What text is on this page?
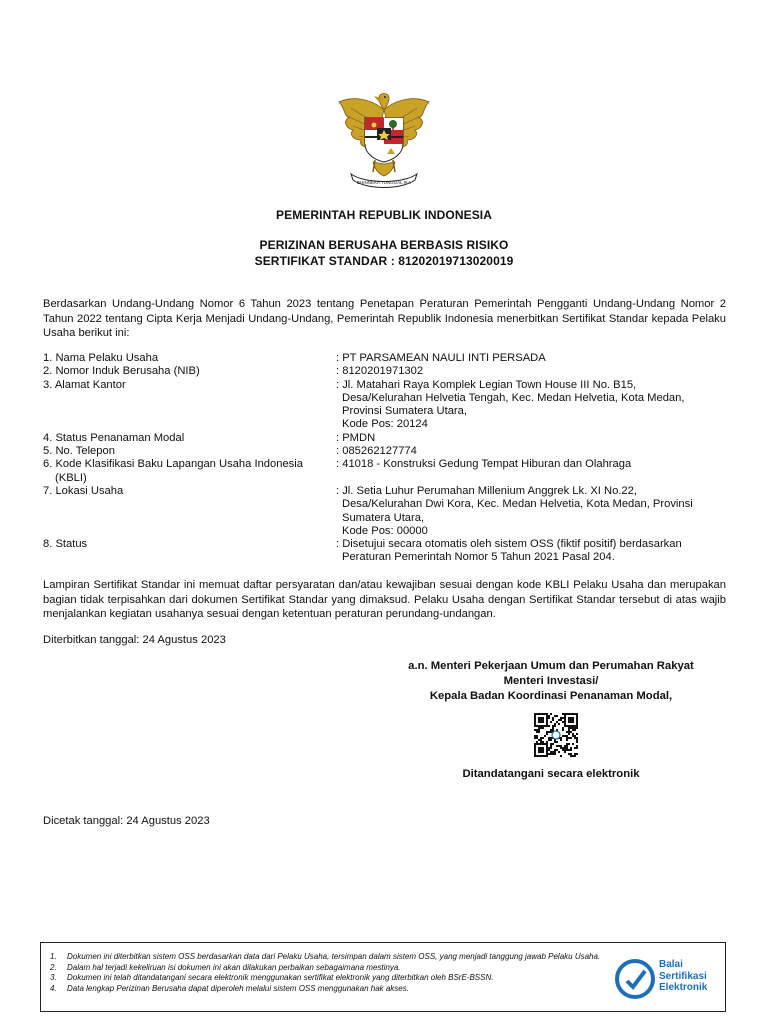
BHINNEKA TUNGGAL IKA
PEMERINTAH REPUBLIK INDONESIA
PERIZINAN BERUSAHA BERBASIS RISIKO
SERTIFIKAT STANDAR : 81202019713020019
Berdasarkan Undang-Undang Nomor 6 Tahun 2023 tentang Penetapan Peraturan Pemerintah Pengganti Undang-Undang Nomor 2 Tahun 2022 tentang Cipta Kerja Menjadi Undang-Undang, Pemerintah Republik Indonesia menerbitkan Sertifikat Standar kepada Pelaku Usaha berikut ini:
1. Nama Pelaku Usaha	: PT PARSAMEAN NAULI INTI PERSADA
2. Nomor Induk Berusaha (NIB)	: 8120201971302
3. Alamat Kantor	: Jl. Matahari Raya Komplek Legian Town House III No. B15,
Desa/Kelurahan Helvetia Tengah, Kec. Medan Helvetia, Kota Medan,
Provinsi Sumatera Utara,
Kode Pos: 20124
4. Status Penanaman Modal	: PMDN
5. No. Telepon	: 085262127774
6. Kode Klasifikasi Baku Lapangan Usaha Indonesia
(KBLI)
: 41018 - Konstruksi Gedung Tempat Hiburan dan Olahraga
7. Lokasi Usaha	: Jl. Setia Luhur Perumahan Millenium Anggrek Lk. XI No.22,
Desa/Kelurahan Dwi Kora, Kec. Medan Helvetia, Kota Medan, Provinsi
Sumatera Utara,
Kode Pos: 00000
8. Status	: Disetujui secara otomatis oleh sistem OSS (fiktif positif) berdasarkan
Peraturan Pemerintah Nomor 5 Tahun 2021 Pasal 204.
Lampiran Sertifikat Standar ini memuat daftar persyaratan dan/atau kewajiban sesuai dengan kode KBLI Pelaku Usaha dan merupakan bagian tidak terpisahkan dari dokumen Sertifikat Standar yang dimaksud. Pelaku Usaha dengan Sertifikat Standar tersebut di atas wajib menjalankan kegiatan usahanya sesuai dengan ketentuan peraturan perundang-undangan.
Diterbitkan tanggal: 24 Agustus 2023
a.n. Menteri Pekerjaan Umum dan Perumahan Rakyat
Menteri Investasi/
Kepala Badan Koordinasi Penanaman Modal,
Ditandatangani secara elektronik
Dicetak tanggal: 24 Agustus 2023
1.	Dokumen ini diterbitkan sistem OSS berdasarkan data dari Pelaku Usaha, tersimpan dalam sistem OSS, yang menjadi tanggung jawab Pelaku Usaha.
2.	Dalam hal terjadi kekeliruan isi dokumen ini akan dilakukan perbaikan sebagaimana mestinya.
3.	Dokumen ini telah ditandatangani secara elektronik menggunakan sertifikat elektronik yang diterbitkan oleh BSrE-BSSN.
4.	Data lengkap Perizinan Berusaha dapat diperoleh melalui sistem OSS menggunakan hak akses.
Balai
Sertifikasi
Elektronik
